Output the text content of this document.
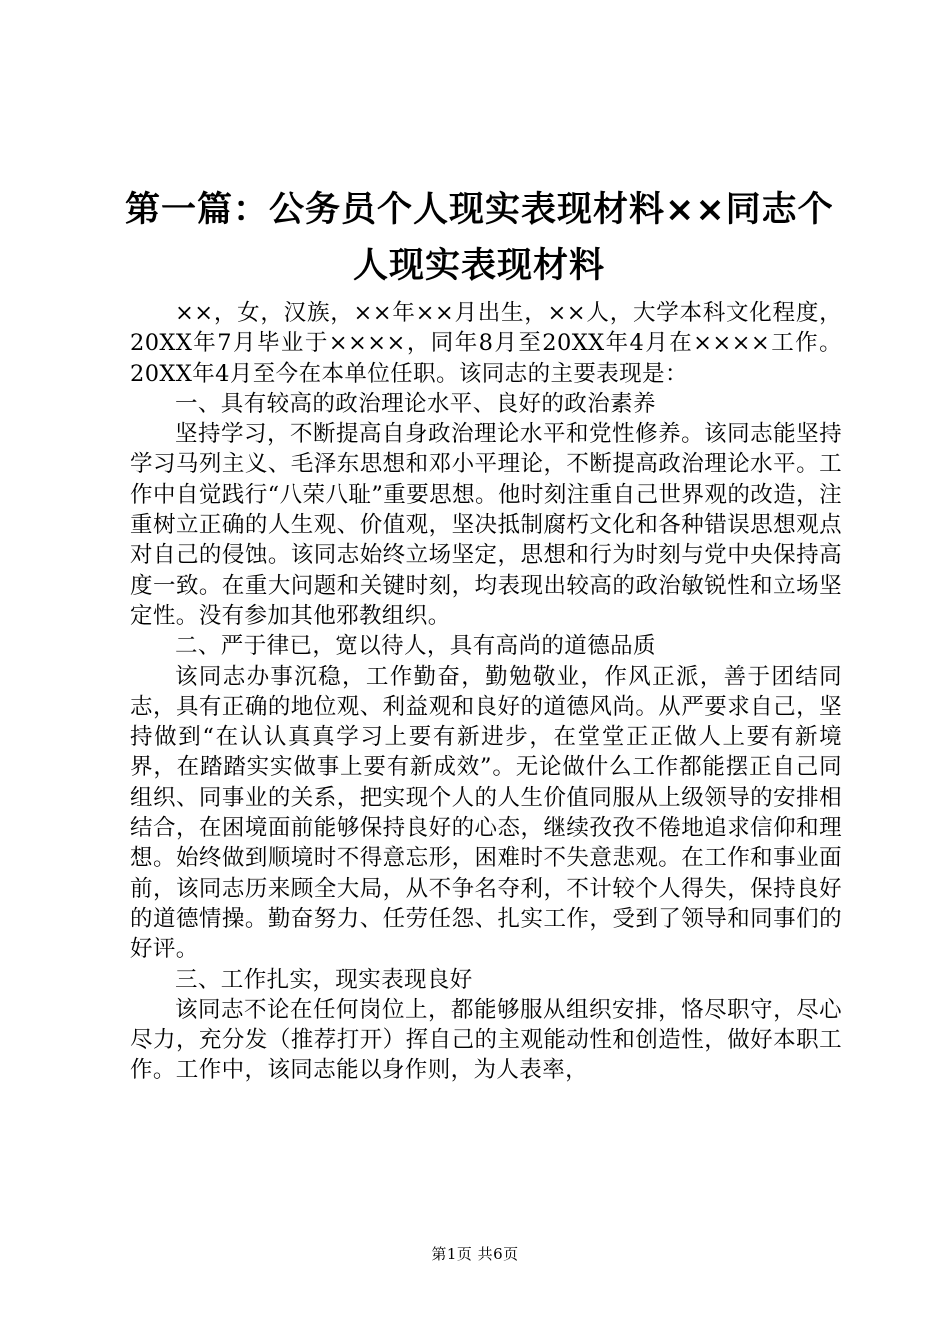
第一篇：公务员个人现实表现材料××同志个
人现实表现材料

××，女，汉族，××年××月出生，××人，大学本科文化程度，20XX年7月毕业于××××，同年8月至20XX年4月在××××工作。20XX年4月至今在本单位任职。该同志的主要表现是：

一、具有较高的政治理论水平、良好的政治素养

坚持学习，不断提高自身政治理论水平和党性修养。该同志能坚持学习马列主义、毛泽东思想和邓小平理论，不断提高政治理论水平。工作中自觉践行“八荣八耻”重要思想。他时刻注重自己世界观的改造，注重树立正确的人生观、价值观，坚决抵制腐朽文化和各种错误思想观点对自己的侵蚀。该同志始终立场坚定，思想和行为时刻与党中央保持高度一致。在重大问题和关键时刻，均表现出较高的政治敏锐性和立场坚定性。没有参加其他邪教组织。

二、严于律已，宽以待人，具有高尚的道德品质

该同志办事沉稳，工作勤奋，勤勉敬业，作风正派，善于团结同志，具有正确的地位观、利益观和良好的道德风尚。从严要求自己，坚持做到“在认认真真学习上要有新进步，在堂堂正正做人上要有新境界，在踏踏实实做事上要有新成效”。无论做什么工作都能摆正自己同组织、同事业的关系，把实现个人的人生价值同服从上级领导的安排相结合，在困境面前能够保持良好的心态，继续孜孜不倦地追求信仰和理想。始终做到顺境时不得意忘形，困难时不失意悲观。在工作和事业面前，该同志历来顾全大局，从不争名夺利，不计较个人得失，保持良好的道德情操。勤奋努力、任劳任怨、扎实工作，受到了领导和同事们的好评。

三、工作扎实，现实表现良好

该同志不论在任何岗位上，都能够服从组织安排，恪尽职守，尽心尽力，充分发（推荐打开）挥自己的主观能动性和创造性，做好本职工作。工作中，该同志能以身作则，为人表率，

第1页 共6页
